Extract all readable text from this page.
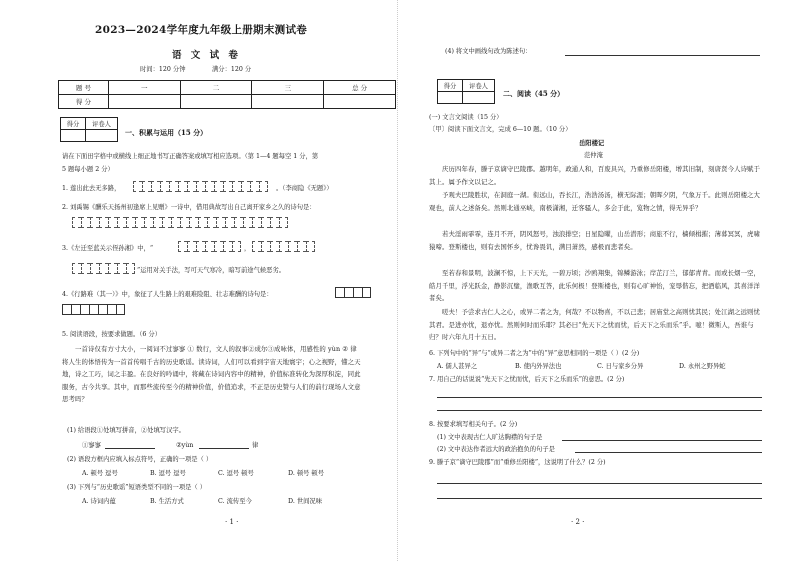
2023—2024学年度九年级上册期末测试卷
语 文 试 卷
时间：120 分钟	满分：120 分
题 号	一	二	三	总 分
得 分				
得分	评卷人

一、积累与运用（15 分）
请在下面田字格中或横线上细正地书写正确答案或填写相应选项。（第 1—4 题每空 1 分，第
5 题每小题 2 分）
1. 莲出此去无多路，	。（李商隐《无题》）
2. 刘禹锡《酬乐天扬州初逢席上见赠》一诗中，借用典故写出自己离开家乡之久的诗句是：
3.《左迁至蓝关示侄孙湘》中，“	，
”运用对关手法，写可天气寒冷，暗写前途气候恶劣。
4.《行路难（其一）》中，象征了人生路上的艰难险阻、壮志难酬的诗句是：
5. 阅读语段，按要求做题。（6 分）
一首诗仅有方寸大小，一阅词不过寥寥 ① 数行，文人的叙事②成尔③成咏体，用感性的 yùn ② 律将人生的体悟传为一首首传唱千古的历史歌谣。读诗词，人们可以看到宇宙天地寰宇；心之视野，懂之天地，诗之工巧，词之丰盈。在良好的吟诵中，将藏在诗词内容中的精神，价值标准转化为深厚积淀，同此服务，古今共享。其中，而那些流传至今的精神价值，价值追求，不正是历史赞与人们的前行现场人文意思考吗？
(1) 给语段①处填写拼音，②处填写汉字。
①寥寥	②yùn	律
(2) 语段方框内应填入标点符号，正确的一项是（ ）
A. 顿号 逗号	B. 逗号 逗号	C. 逗号 顿号	D. 顿号 顿号
(3) 下列与“历史歌谣”短语类型不同的一项是（ ）
A. 诗词内蕴	B. 生活方式	C. 流传至今	D. 世间况味
· 1 ·
(4) 将文中画线句改为陈述句：
得分	评卷人

二、阅读（45 分）
(一) 文言文阅读（15 分）
〔甲〕阅读下面文言文，完成 6—10 题。（10 分）
岳阳楼记
范仲淹
庆历四年春，滕子京谪守巴陵郡。越明年，政通人和，百废具兴，乃重修岳阳楼，增其旧制，刻唐贤今人诗赋于其上。属予作文以记之。
予观夫巴陵胜状，在洞庭一湖。衔远山，吞长江，浩浩汤汤，横无际涯；朝晖夕阴，气象万千。此则岳阳楼之大观也，前人之述备矣。然则北通巫峡，南极潇湘，迁客骚人，多会于此，览物之情，得无异乎？
若夫淫雨霏霏，连月不开，阴风怒号，浊浪排空；日星隐曜，山岳潜形；商旅不行，樯倾楫摧；薄暮冥冥，虎啸猿啼。登斯楼也，则有去国怀乡，忧谗畏讥，满目萧然，感极而悲者矣。
至若春和景明，波澜不惊，上下天光，一碧万顷；沙鸥翔集，锦鳞游泳；岸芷汀兰，郁郁青青。而或长烟一空，皓月千里，浮光跃金，静影沉璧，渔歌互答，此乐何极！登斯楼也，则有心旷神怡，宠辱偕忘，把酒临风，其喜洋洋者矣。
嗟夫！予尝求古仁人之心，或异二者之为，何哉？不以物喜，不以己悲；居庙堂之高则忧其民；处江湖之远则忧其君。是进亦忧，退亦忧。然则何时而乐耶？其必曰“先天下之忧而忧，后天下之乐而乐”乎。噫！微斯人，吾谁与归？时六年九月十五日。
6. 下列句中的“异”与“或异二者之为”中的“异”意思相同的一项是（ ）(2 分)
A. 儒人甚异之	B. 使内外异法也	C. 日与家乡分异	D. 永州之野异蛇
7. 用自己的话说说“先天下之忧而忧，后天下之乐而乐”的意思。(2 分)
8. 按要求填写相关句子。(2 分)
(1) 文中表现古仁人旷达胸襟的句子是
(2) 文中表达作者远大的政治抱负的句子是
9. 滕子京“谪守巴陵郡”而“重修岳阳楼”，这说明了什么？(2 分)
· 2 ·
